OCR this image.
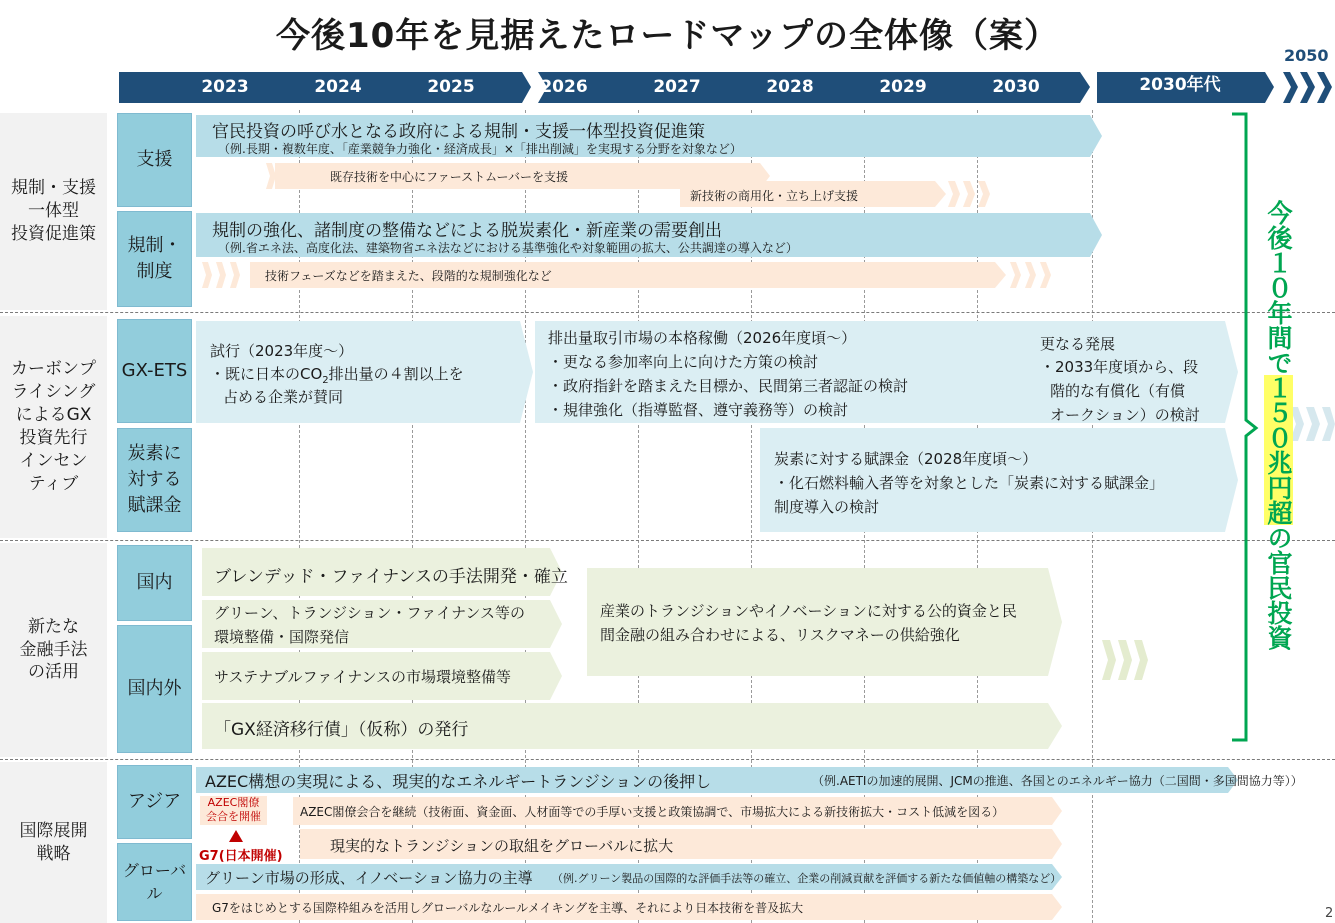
今後10年を見据えたロードマップの全体像（案）
2023	2024	2025	2026	2027	2028	2029	2030	2030年代
2050
規制・支援
一体型
投資促進策
カーボンプ
ライシング
によるGX
投資先行
インセン
ティブ
新たな
金融手法
の活用
国際展開
戦略
支援
規制・
制度
GX-ETS
炭素に
対する
賦課金
国内
国内外
アジア
グローバル
官民投資の呼び水となる政府による規制・支援一体型投資促進策
（例.長期・複数年度、「産業競争力強化・経済成長」×「排出削減」を実現する分野を対象など）
既存技術を中心にファーストムーバーを支援
新技術の商用化・立ち上げ支援
規制の強化、諸制度の整備などによる脱炭素化・新産業の需要創出
（例.省エネ法、高度化法、建築物省エネ法などにおける基準強化や対象範囲の拡大、公共調達の導入など）
技術フェーズなどを踏まえた、段階的な規制強化など
試行（2023年度～）
・既に日本の$CO_2$排出量の４割以上を
占める企業が賛同
排出量取引市場の本格稼働（2026年度頃～）
・更なる参加率向上に向けた方策の検討
・政府指針を踏まえた目標か、民間第三者認証の検討
・規律強化（指導監督、遵守義務等）の検討
更なる発展
・2033年度頃から、段
階的な有償化（有償
オークション）の検討
炭素に対する賦課金（2028年度頃～）
・化石燃料輸入者等を対象とした「炭素に対する賦課金」
制度導入の検討
ブレンデッド・ファイナンスの手法開発・確立
グリーン、トランジション・ファイナンス等の
環境整備・国際発信
サステナブルファイナンスの市場環境整備等
産業のトランジションやイノベーションに対する公的資金と民
間金融の組み合わせによる、リスクマネーの供給強化
「GX経済移行債」（仮称）の発行
AZEC構想の実現による、現実的なエネルギートランジションの後押し	（例.AETIの加速的展開、JCMの推進、各国とのエネルギー協力（二国間・多国間協力等））
AZEC閣僚
会合を開催	AZEC閣僚会合を継続（技術面、資金面、人材面等での手厚い支援と政策協調で、市場拡大による新技術拡大・コスト低減を図る）
G7(日本開催)
現実的なトランジションの取組をグローバルに拡大
グリーン市場の形成、イノベーション協力の主導 （例.グリーン製品の国際的な評価手法等の確立、企業の削減貢献を評価する新たな価値軸の構築など）
G7をはじめとする国際枠組みを活用しグローバルなルールメイキングを主導、それにより日本技術を普及拡大
今後１０年間で１５０兆円超の官民投資
2
